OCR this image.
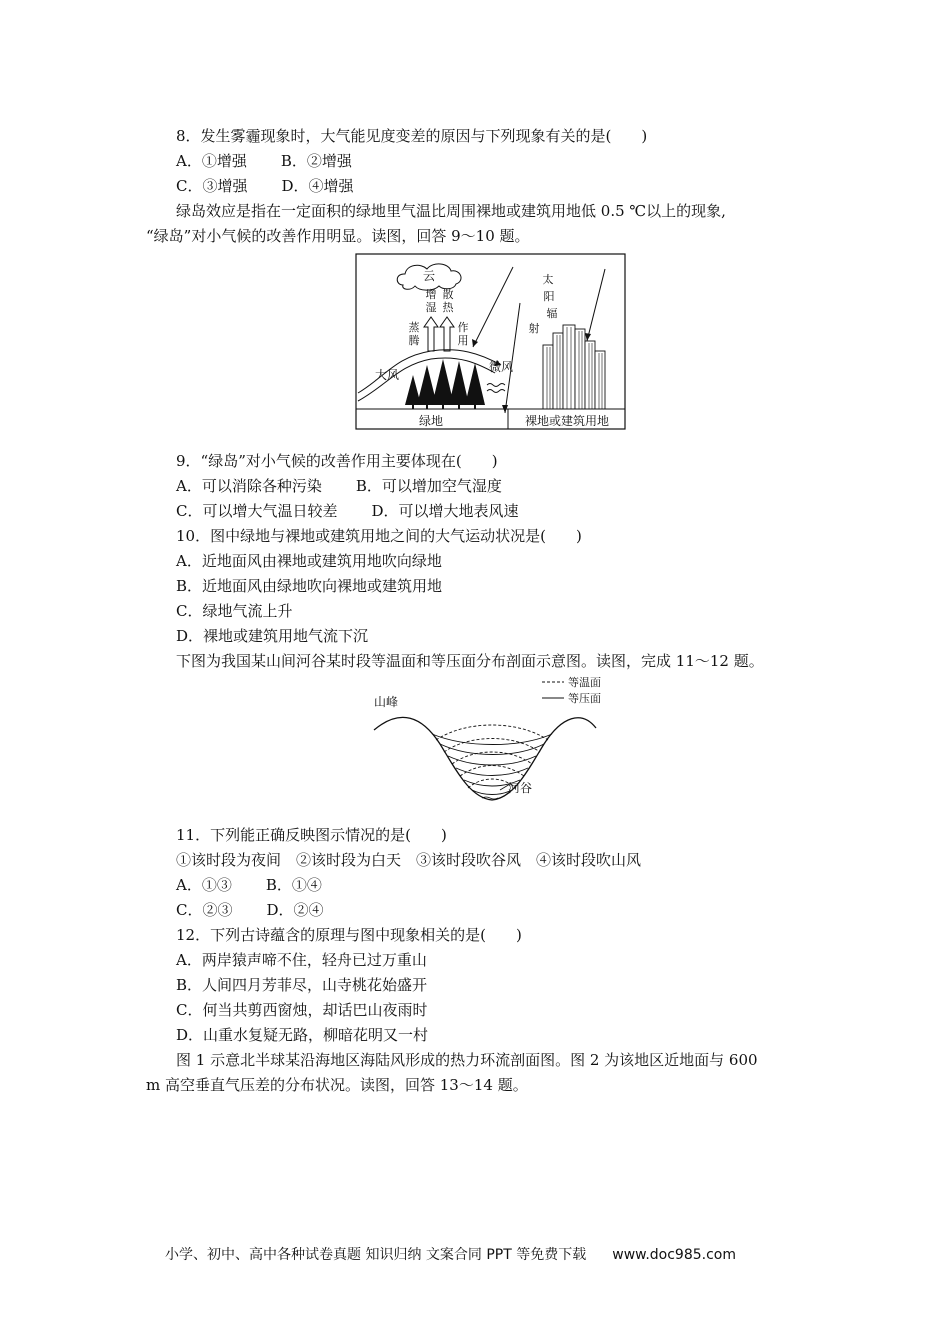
8．发生雾霾现象时，大气能见度变差的原因与下列现象有关的是(　　)
A．①增强 B．②增强
C．③增强 D．④增强
绿岛效应是指在一定面积的绿地里气温比周围裸地或建筑用地低 0.5 ℃以上的现象,
“绿岛”对小气候的改善作用明显。读图，回答 9～10 题。
云
增
湿
散
热
蒸
腾
作
用
太
阳
辐
射
大风
微风
绿地	裸地或建筑用地
9．“绿岛”对小气候的改善作用主要体现在(　　)
A．可以消除各种污染 B．可以增加空气湿度
C．可以增大气温日较差 D．可以增大地表风速
10．图中绿地与裸地或建筑用地之间的大气运动状况是(　　)
A．近地面风由裸地或建筑用地吹向绿地
B．近地面风由绿地吹向裸地或建筑用地
C．绿地气流上升
D．裸地或建筑用地气流下沉
下图为我国某山间河谷某时段等温面和等压面分布剖面示意图。读图，完成 11～12 题。
等温面
等压面
山峰
河谷
11．下列能正确反映图示情况的是(　　)
①该时段为夜间　②该时段为白天　③该时段吹谷风　④该时段吹山风
A．①③ B．①④
C．②③ D．②④
12．下列古诗蕴含的原理与图中现象相关的是(　　)
A．两岸猿声啼不住，轻舟已过万重山
B．人间四月芳菲尽，山寺桃花始盛开
C．何当共剪西窗烛，却话巴山夜雨时
D．山重水复疑无路，柳暗花明又一村
图 1 示意北半球某沿海地区海陆风形成的热力环流剖面图。图 2 为该地区近地面与 600
m 高空垂直气压差的分布状况。读图，回答 13～14 题。
小学、初中、高中各种试卷真题 知识归纳 文案合同 PPT 等免费下载 www.doc985.com
